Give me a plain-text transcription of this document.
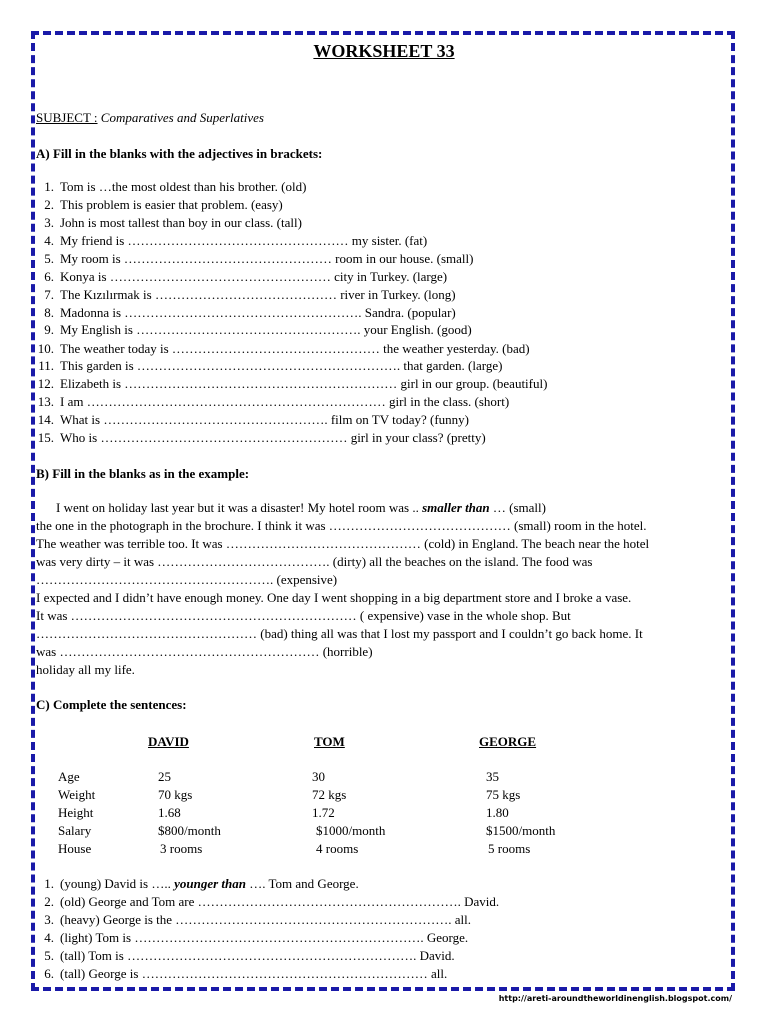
WORKSHEET 33
SUBJECT : Comparatives and Superlatives
A) Fill in the blanks with the adjectives in brackets:
1. Tom is …the most oldest than his brother. (old)
2. This problem is easier that problem. (easy)
3. John is most tallest than boy in our class. (tall)
4. My friend is …………………………………………… my sister. (fat)
5. My room is ………………………………………… room in our house. (small)
6. Konya is …………………………………………… city in Turkey. (large)
7. The Kızılırmak is …………………………………… river in Turkey. (long)
8. Madonna is ………………………………………………. Sandra. (popular)
9. My English is ……………………………………………. your English. (good)
10. The weather today is ………………………………………… the weather yesterday. (bad)
11. This garden is ……………………………………………………. that garden. (large)
12. Elizabeth is ……………………………………………………… girl in our group. (beautiful)
13. I am …………………………………………………………… girl in the class. (short)
14. What is ……………………………………………. film on TV today? (funny)
15. Who is ………………………………………………… girl in your class? (pretty)
B) Fill in the blanks as in the example:
I went on holiday last year but it was a disaster! My hotel room was .. smaller than … (small)
the one in the photograph in the brochure. I think it was …………………………………… (small) room in the hotel.
The weather was terrible too. It was ……………………………………… (cold) in England. The beach near the hotel
was very dirty – it was …………………………………. (dirty) all the beaches on the island. The food was
………………………………………………. (expensive)
I expected and I didn’t have enough money. One day I went shopping in a big department store and I broke a vase.
It was ………………………………………………………… ( expensive) vase in the whole shop. But
…………………………………………… (bad) thing all was that I lost my passport and I couldn’t go back home. It
was …………………………………………………… (horrible)
holiday all my life.
C) Complete the sentences:
DAVID	TOM	GEORGE
Age	25	30	35
Weight	70 kgs	72 kgs	75 kgs
Height	1.68	1.72	1.80
Salary	$800/month	$1000/month	$1500/month
House	3 rooms	4 rooms	5 rooms
1. (young) David is ….. younger than …. Tom and George.
2. (old) George and Tom are ……………………………………………………. David.
3. (heavy) George is the ………………………………………………………. all.
4. (light) Tom is …………………………………………………………. George.
5. (tall) Tom is …………………………………………………………. David.
6. (tall) George is ………………………………………………………… all.
http://areti-aroundtheworldinenglish.blogspot.com/
